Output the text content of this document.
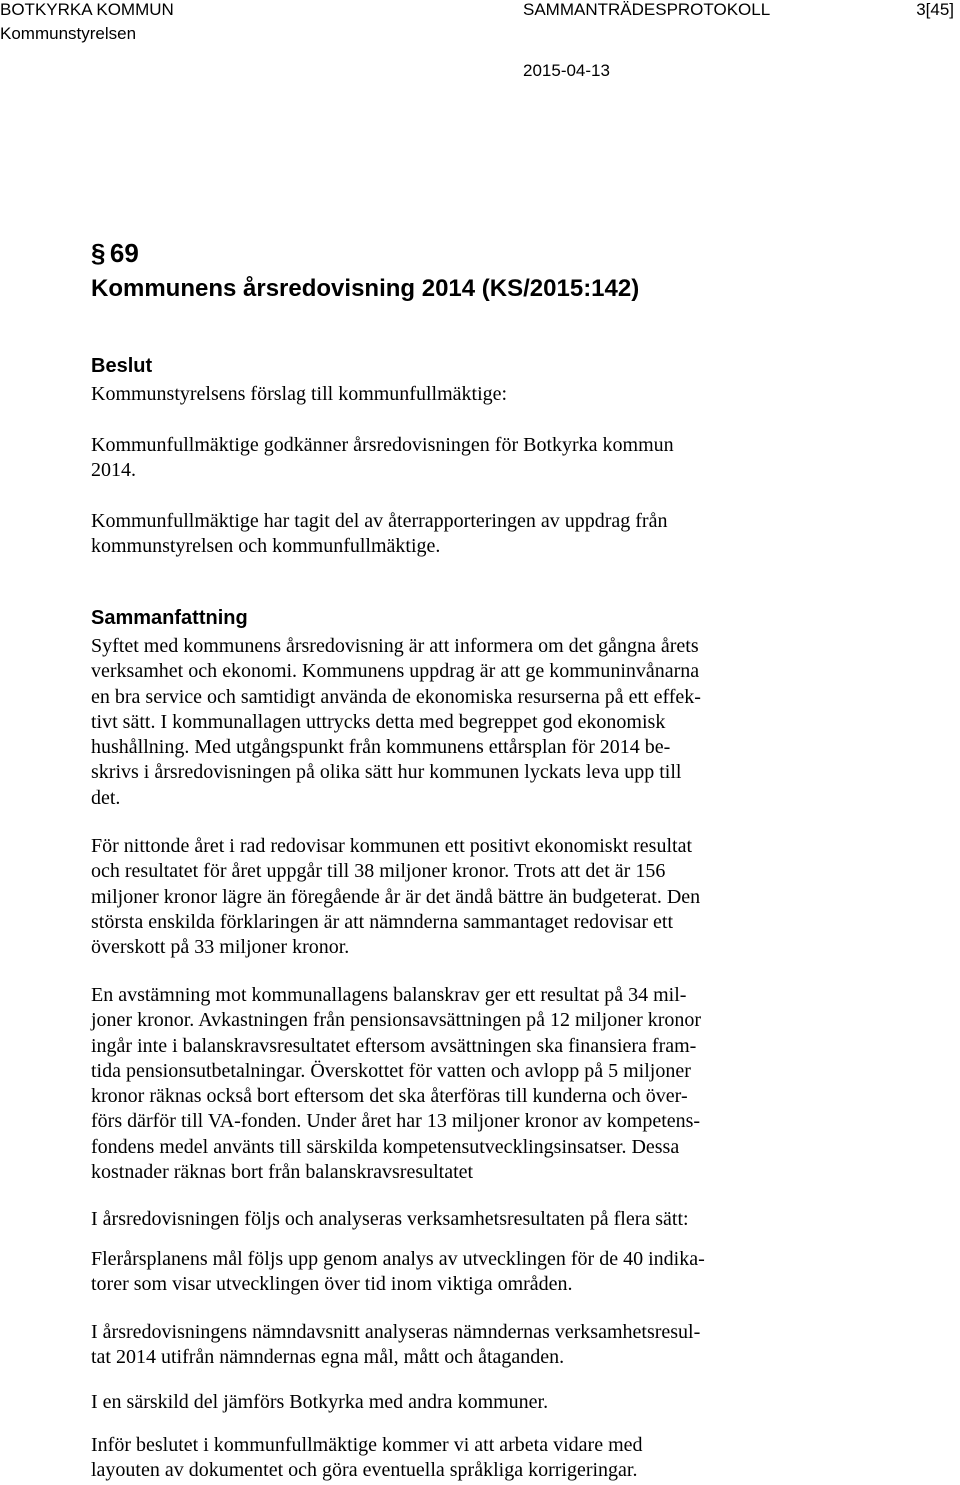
BOTKYRKA KOMMUN	SAMMANTRÄDESPROTOKOLL	3[45]
Kommunstyrelsen
2015-04-13
§ 69
Kommunens årsredovisning 2014 (KS/2015:142)
Beslut
Kommunstyrelsens förslag till kommunfullmäktige:
Kommunfullmäktige godkänner årsredovisningen för Botkyrka kommun
2014.
Kommunfullmäktige har tagit del av återrapporteringen av uppdrag från
kommunstyrelsen och kommunfullmäktige.
Sammanfattning
Syftet med kommunens årsredovisning är att informera om det gångna årets
verksamhet och ekonomi. Kommunens uppdrag är att ge kommuninvånarna
en bra service och samtidigt använda de ekonomiska resurserna på ett effek-
tivt sätt. I kommunallagen uttrycks detta med begreppet god ekonomisk
hushållning. Med utgångspunkt från kommunens ettårsplan för 2014 be-
skrivs i årsredovisningen på olika sätt hur kommunen lyckats leva upp till
det.
För nittonde året i rad redovisar kommunen ett positivt ekonomiskt resultat
och resultatet för året uppgår till 38 miljoner kronor. Trots att det är 156
miljoner kronor lägre än föregående år är det ändå bättre än budgeterat. Den
största enskilda förklaringen är att nämnderna sammantaget redovisar ett
överskott på 33 miljoner kronor.
En avstämning mot kommunallagens balanskrav ger ett resultat på 34 mil-
joner kronor. Avkastningen från pensionsavsättningen på 12 miljoner kronor
ingår inte i balanskravsresultatet eftersom avsättningen ska finansiera fram-
tida pensionsutbetalningar. Överskottet för vatten och avlopp på 5 miljoner
kronor räknas också bort eftersom det ska återföras till kunderna och över-
förs därför till VA-fonden. Under året har 13 miljoner kronor av kompetens-
fondens medel använts till särskilda kompetensutvecklingsinsatser. Dessa
kostnader räknas bort från balanskravsresultatet
I årsredovisningen följs och analyseras verksamhetsresultaten på flera sätt:
Flerårsplanens mål följs upp genom analys av utvecklingen för de 40 indika-
torer som visar utvecklingen över tid inom viktiga områden.
I årsredovisningens nämndavsnitt analyseras nämndernas verksamhetsresul-
tat 2014 utifrån nämndernas egna mål, mått och åtaganden.
I en särskild del jämförs Botkyrka med andra kommuner.
Inför beslutet i kommunfullmäktige kommer vi att arbeta vidare med
layouten av dokumentet och göra eventuella språkliga korrigeringar.
